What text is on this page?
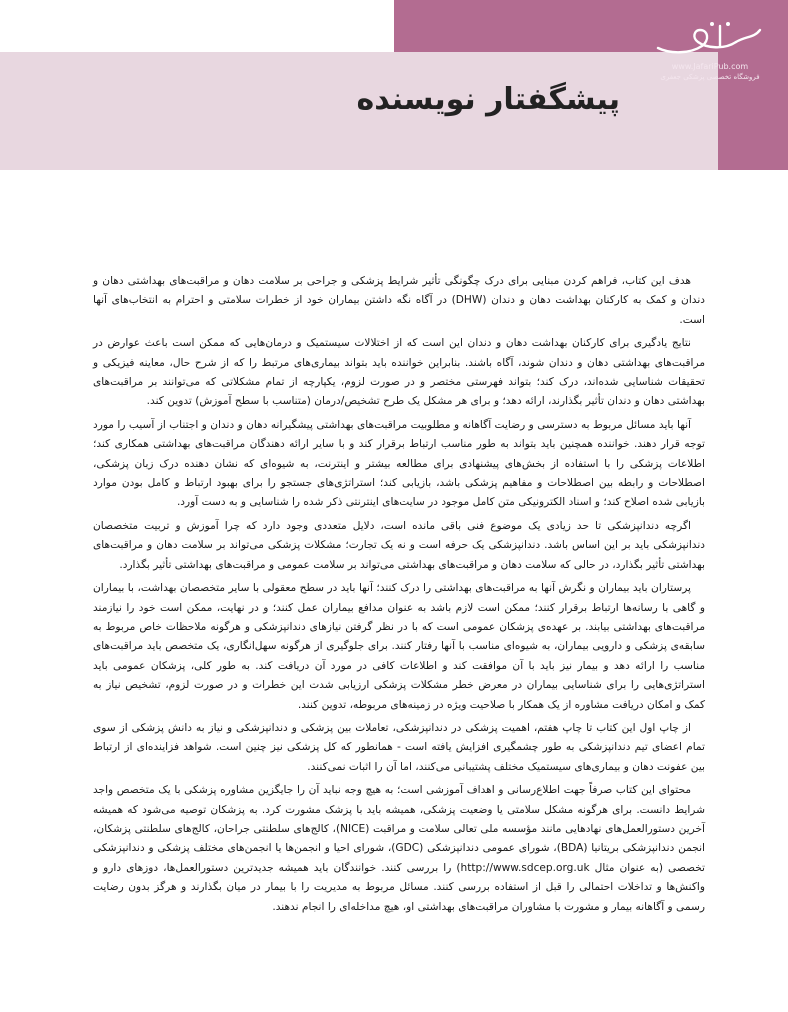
www.JafariPub.com
فروشگاه تخصصی پزشکی جعفری
پیشگفتار نویسنده

هدف این کتاب، فراهم کردن مبنایی برای درک چگونگی تأثیر شرایط پزشکی و جراحی بر سلامت دهان و مراقبت‌های بهداشتی دهان و دندان و کمک به کارکنان بهداشت دهان و دندان (DHW) در آگاه نگه داشتن بیماران خود از خطرات سلامتی و احترام به انتخاب‌های آنها است.

نتایج یادگیری برای کارکنان بهداشت دهان و دندان این است که از اختلالات سیستمیک و درمان‌هایی که ممکن است باعث عوارض در مراقبت‌های بهداشتی دهان و دندان شوند، آگاه باشند. بنابراین خواننده باید بتواند بیماری‌های مرتبط را که از شرح حال، معاینه فیزیکی و تحقیقات شناسایی شده‌اند، درک کند؛ بتواند فهرستی مختصر و در صورت لزوم، یکپارچه از تمام مشکلاتی که می‌توانند بر مراقبت‌های بهداشتی دهان و دندان تأثیر بگذارند، ارائه دهد؛ و برای هر مشکل یک طرح تشخیص/درمان (متناسب با سطح آموزش) تدوین کند.

آنها باید مسائل مربوط به دسترسی و رضایت آگاهانه و مطلوبیت مراقبت‌های بهداشتی پیشگیرانه دهان و دندان و اجتناب از آسیب را مورد توجه قرار دهند. خواننده همچنین باید بتواند به طور مناسب ارتباط برقرار کند و با سایر ارائه دهندگان مراقبت‌های بهداشتی همکاری کند؛ اطلاعات پزشکی را با استفاده از بخش‌های پیشنهادی برای مطالعه بیشتر و اینترنت، به شیوه‌ای که نشان دهنده درک زبان پزشکی، اصطلاحات و رابطه بین اصطلاحات و مفاهیم پزشکی باشد، بازیابی کند؛ استراتژی‌های جستجو را برای بهبود ارتباط و کامل بودن موارد بازیابی شده اصلاح کند؛ و اسناد الکترونیکی متن کامل موجود در سایت‌های اینترنتی ذکر شده را شناسایی و به دست آورد.

اگرچه دندانپزشکی تا حد زیادی یک موضوع فنی باقی مانده است، دلایل متعددی وجود دارد که چرا آموزش و تربیت متخصصان دندانپزشکی باید بر این اساس باشد. دندانپزشکی یک حرفه است و نه یک تجارت؛ مشکلات پزشکی می‌تواند بر سلامت دهان و مراقبت‌های بهداشتی تأثیر بگذارد، در حالی که سلامت دهان و مراقبت‌های بهداشتی می‌تواند بر سلامت عمومی و مراقبت‌های بهداشتی تأثیر بگذارد.

پرستاران باید بیماران و نگرش آنها به مراقبت‌های بهداشتی را درک کنند؛ آنها باید در سطح معقولی با سایر متخصصان بهداشت، با بیماران و گاهی با رسانه‌ها ارتباط برقرار کنند؛ ممکن است لازم باشد به عنوان مدافع بیماران عمل کنند؛ و در نهایت، ممکن است خود را نیازمند مراقبت‌های بهداشتی بیابند. بر عهده‌ی پزشکان عمومی است که با در نظر گرفتن نیازهای دندانپزشکی و هرگونه ملاحظات خاص مربوط به سابقه‌ی پزشکی و دارویی بیماران، به شیوه‌ای مناسب با آنها رفتار کنند. برای جلوگیری از هرگونه سهل‌انگاری، یک متخصص باید مراقبت‌های مناسب را ارائه دهد و بیمار نیز باید با آن موافقت کند و اطلاعات کافی در مورد آن دریافت کند. به طور کلی، پزشکان عمومی باید استراتژی‌هایی را برای شناسایی بیماران در معرض خطر مشکلات پزشکی ارزیابی شدت این خطرات و در صورت لزوم، تشخیص نیاز به کمک و امکان دریافت مشاوره از یک همکار با صلاحیت ویژه در زمینه‌های مربوطه، تدوین کنند.

از چاپ اول این کتاب تا چاپ هفتم، اهمیت پزشکی در دندانپزشکی، تعاملات بین پزشکی و دندانپزشکی و نیاز به دانش پزشکی از سوی تمام اعضای تیم دندانپزشکی به طور چشمگیری افزایش یافته است - همانطور که کل پزشکی نیز چنین است. شواهد فزاینده‌ای از ارتباط بین عفونت دهان و بیماری‌های سیستمیک مختلف پشتیبانی می‌کنند، اما آن را اثبات نمی‌کنند.

محتوای این کتاب صرفاً جهت اطلاع‌رسانی و اهداف آموزشی است؛ به هیچ وجه نباید آن را جایگزین مشاوره پزشکی با یک متخصص واجد شرایط دانست. برای هرگونه مشکل سلامتی یا وضعیت پزشکی، همیشه باید با پزشک مشورت کرد. به پزشکان توصیه می‌شود که همیشه آخرین دستورالعمل‌های نهادهایی مانند مؤسسه ملی تعالی سلامت و مراقبت (NICE)، کالج‌های سلطنتی جراحان، کالج‌های سلطنتی پزشکان، انجمن دندانپزشکی بریتانیا (BDA)، شورای عمومی دندانپزشکی (GDC)، شورای احیا و انجمن‌ها یا انجمن‌های مختلف پزشکی و دندانپزشکی تخصصی (به عنوان مثال http://www.sdcep.org.uk) را بررسی کنند. خوانندگان باید همیشه جدیدترین دستورالعمل‌ها، دوزهای دارو و واکنش‌ها و تداخلات احتمالی را قبل از استفاده بررسی کنند. مسائل مربوط به مدیریت را با بیمار در میان بگذارند و هرگز بدون رضایت رسمی و آگاهانه بیمار و مشورت با مشاوران مراقبت‌های بهداشتی او، هیچ مداخله‌ای را انجام ندهند.
